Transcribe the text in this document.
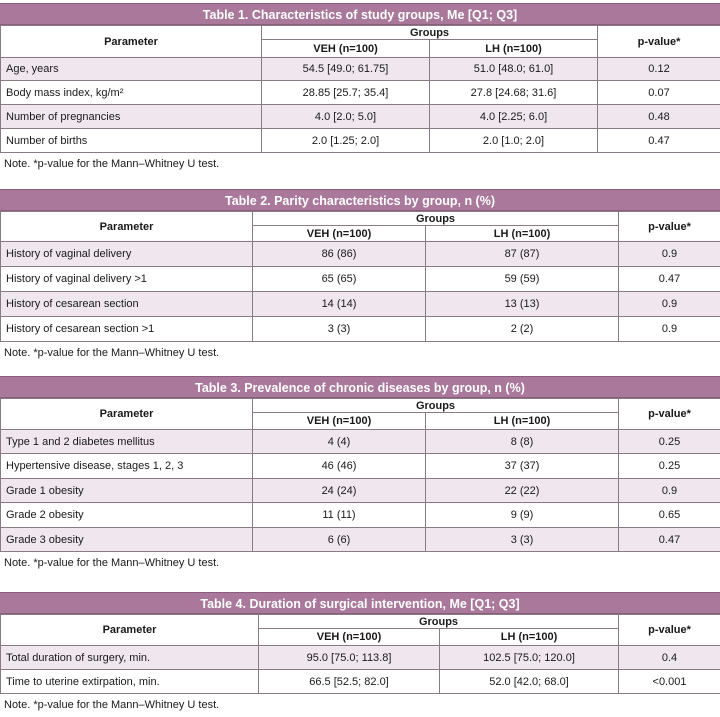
Table 1. Characteristics of study groups, Me [Q1; Q3]
Parameter	Groups		p-value*
	VEH (n=100)	LH (n=100)	
Age, years	54.5 [49.0; 61.75]	51.0 [48.0; 61.0]	0.12
Body mass index, kg/m²	28.85 [25.7; 35.4]	27.8 [24.68; 31.6]	0.07
Number of pregnancies	4.0 [2.0; 5.0]	4.0 [2.25; 6.0]	0.48
Number of births	2.0 [1.25; 2.0]	2.0 [1.0; 2.0]	0.47
Note. *p-value for the Mann–Whitney U test.
Table 2. Parity characteristics by group, n (%)
Parameter	Groups		p-value*
	VEH (n=100)	LH (n=100)	
History of vaginal delivery	86 (86)	87 (87)	0.9
History of vaginal delivery >1	65 (65)	59 (59)	0.47
History of cesarean section	14 (14)	13 (13)	0.9
History of cesarean section >1	3 (3)	2 (2)	0.9
Note. *p-value for the Mann–Whitney U test.
Table 3. Prevalence of chronic diseases by group, n (%)
Parameter	Groups		p-value*
	VEH (n=100)	LH (n=100)	
Type 1 and 2 diabetes mellitus	4 (4)	8 (8)	0.25
Hypertensive disease, stages 1, 2, 3	46 (46)	37 (37)	0.25
Grade 1 obesity	24 (24)	22 (22)	0.9
Grade 2 obesity	11 (11)	9 (9)	0.65
Grade 3 obesity	6 (6)	3 (3)	0.47
Note. *p-value for the Mann–Whitney U test.
Table 4. Duration of surgical intervention, Me [Q1; Q3]
Parameter	Groups		p-value*
	VEH (n=100)	LH (n=100)	
Total duration of surgery, min.	95.0 [75.0; 113.8]	102.5 [75.0; 120.0]	0.4
Time to uterine extirpation, min.	66.5 [52.5; 82.0]	52.0 [42.0; 68.0]	<0.001
Note. *p-value for the Mann–Whitney U test.
